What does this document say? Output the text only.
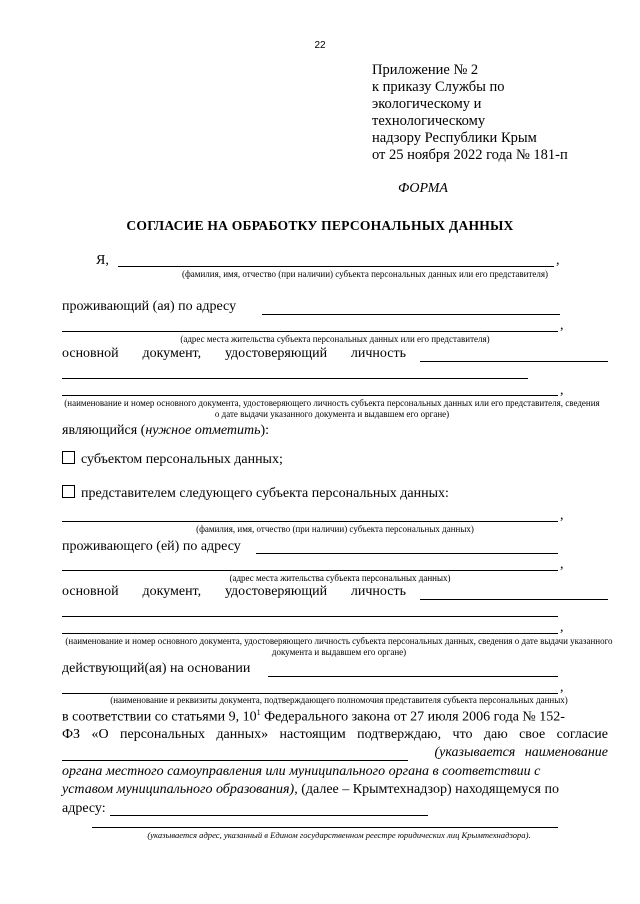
22
Приложение № 2
к приказу Службы по
экологическому и
технологическому
надзору Республики Крым
от 25 ноября 2022 года № 181-п
ФОРМА
СОГЛАСИЕ НА ОБРАБОТКУ ПЕРСОНАЛЬНЫХ ДАННЫХ
Я,	,
(фамилия, имя, отчество (при наличии) субъекта персональных данных или его представителя)
проживающий (ая) по адресу
,
(адрес места жительства субъекта персональных данных или его представителя)
основной документ, удостоверяющий личность
,
(наименование и номер основного документа, удостоверяющего личность субъекта персональных данных или его представителя, сведения о дате выдачи указанного документа и выдавшем его органе)
являющийся (нужное отметить):
субъектом персональных данных;
представителем следующего субъекта персональных данных:
,
(фамилия, имя, отчество (при наличии) субъекта персональных данных)
проживающего (ей) по адресу
,
(адрес места жительства субъекта персональных данных)
основной документ, удостоверяющий личность
,
(наименование и номер основного документа, удостоверяющего личность субъекта персональных данных, сведения о дате выдачи указанного документа и выдавшем его органе)
действующий(ая) на основании
,
(наименование и реквизиты документа, подтверждающего полномочия представителя субъекта персональных данных)
в соответствии со статьями 9, $10^1$ Федерального закона от 27 июля 2006 года № 152-
ФЗ «О персональных данных» настоящим подтверждаю, что даю свое согласие
(указывается наименование
органа местного самоуправления или муниципального органа в соответствии с
уставом муниципального образования), (далее – Крымтехнадзор) находящемуся по
адресу:
(указывается адрес, указанный в Едином государственном реестре юридических лиц Крымтехнадзора).
